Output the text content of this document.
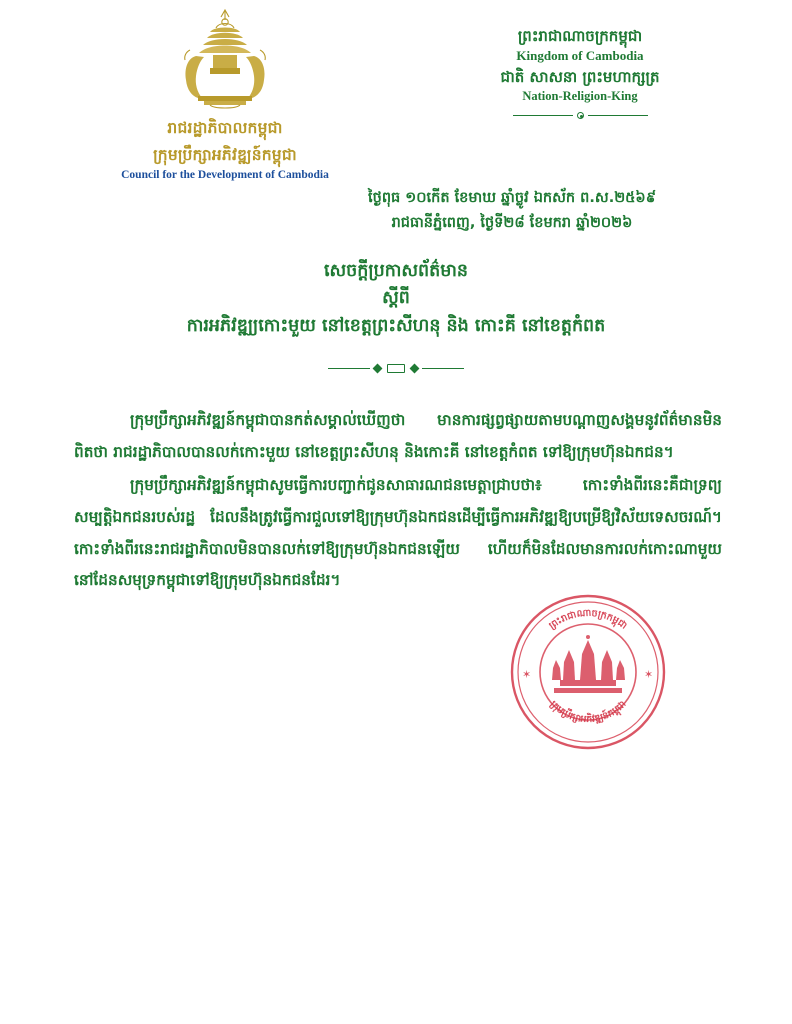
រាជរដ្ឋាភិបាលកម្ពុជា
ក្រុមប្រឹក្សាអភិវឌ្ឍន៍កម្ពុជា
Council for the Development of Cambodia
ព្រះរាជាណាចក្រកម្ពុជា
Kingdom of Cambodia
ជាតិ សាសនា ព្រះមហាក្សត្រ
Nation-Religion-King
ថ្ងៃពុធ ១០កើត ខែមាឃ ឆ្នាំច្លូវ ឯកស័ក ព.ស.២៥៦៩
រាជធានីភ្នំពេញ, ថ្ងៃទី២៨ ខែមករា ឆ្នាំ២០២៦
សេចក្ដីប្រកាសព័ត៌មាន
ស្ដីពី
ការអភិវឌ្ឍ្យកោះមួយ នៅខេត្តព្រះសីហនុ និង កោះគី នៅខេត្តកំពត

ក្រុមប្រឹក្សាអភិវឌ្ឍន៍កម្ពុជាបានកត់សម្គាល់ឃើញថា មានការផ្សព្វផ្សាយតាមបណ្ដាញសង្គមនូវព័ត៌មានមិនពិតថា រាជរដ្ឋាភិបាលបានលក់កោះមួយ នៅខេត្តព្រះសីហនុ និងកោះគី នៅខេត្តកំពត ទៅឱ្យក្រុមហ៊ុនឯកជន។

ក្រុមប្រឹក្សាអភិវឌ្ឍន៍កម្ពុជាសូមធ្វើការបញ្ជាក់ជូនសាធារណជនមេត្តាជ្រាបថា៖ កោះទាំងពីរនេះគឺជាទ្រព្យសម្បត្តិឯកជនរបស់រដ្ឋ ដែលនឹងត្រូវធ្វើការជួលទៅឱ្យក្រុមហ៊ុនឯកជនដើម្បីធ្វើការអភិវឌ្ឍឱ្យបម្រើឱ្យវិស័យទេសចរណ៍។ កោះទាំងពីរនេះរាជរដ្ឋាភិបាលមិនបានលក់ទៅឱ្យក្រុមហ៊ុនឯកជនឡើយ ហើយក៏មិនដែលមានការលក់កោះណាមួយនៅដែនសមុទ្រកម្ពុជាទៅឱ្យក្រុមហ៊ុនឯកជនដែរ។

ព្រះរាជាណាចក្រកម្ពុជា
ក្រុមប្រឹក្សាអភិវឌ្ឍន៍កម្ពុជា
✶	✶
